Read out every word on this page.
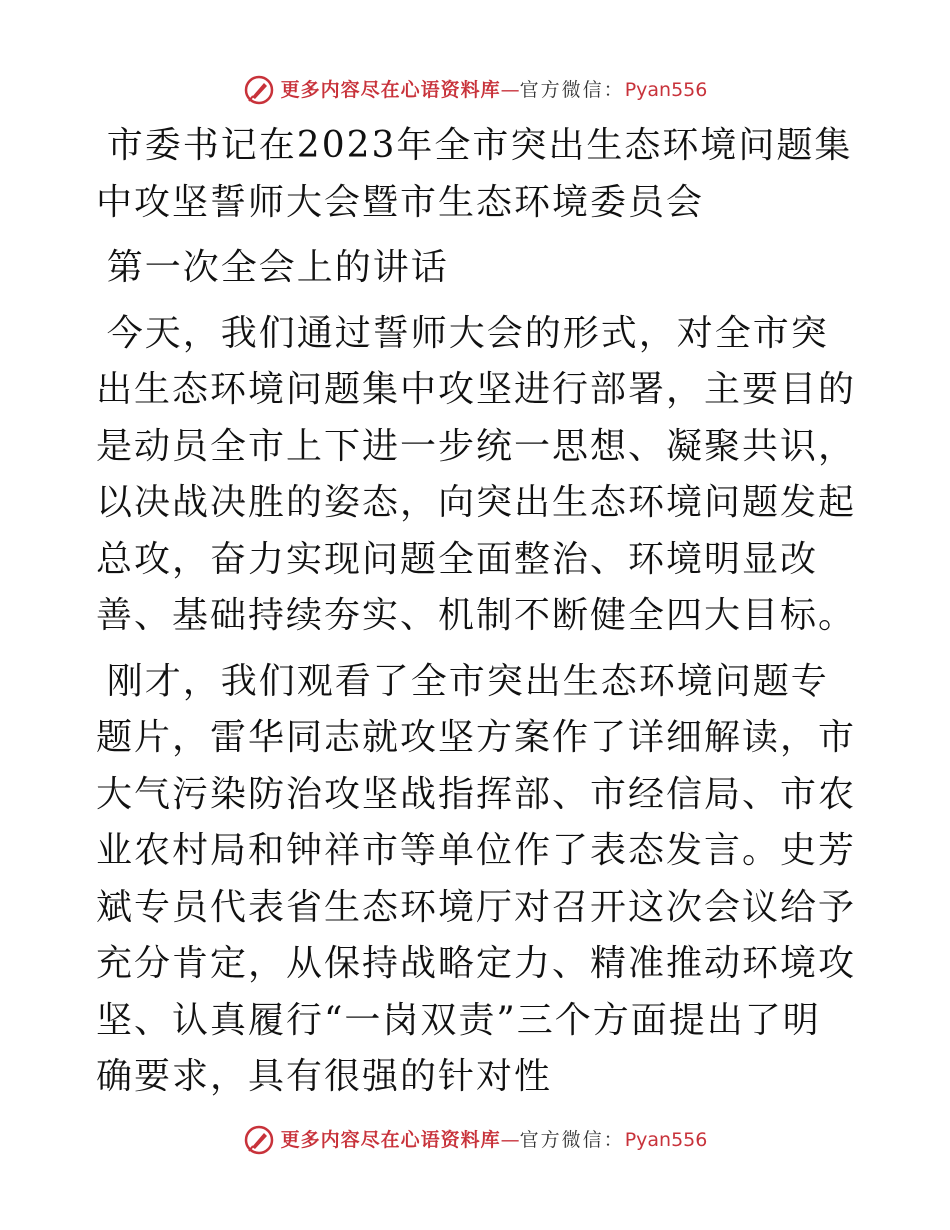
更多内容尽在心语资料库 — 官方微信： Pyan556

市委书记在2023年全市突出生态环境问题集中攻坚誓师大会暨市生态环境委员会

第一次全会上的讲话

今天，我们通过誓师大会的形式，对全市突出生态环境问题集中攻坚进行部署，主要目的是动员全市上下进一步统一思想、凝聚共识，以决战决胜的姿态，向突出生态环境问题发起总攻，奋力实现问题全面整治、环境明显改善、基础持续夯实、机制不断健全四大目标。

刚才，我们观看了全市突出生态环境问题专题片，雷华同志就攻坚方案作了详细解读，市大气污染防治攻坚战指挥部、市经信局、市农业农村局和钟祥市等单位作了表态发言。史芳斌专员代表省生态环境厅对召开这次会议给予充分肯定，从保持战略定力、精准推动环境攻坚、认真履行“一岗双责”三个方面提出了明确要求，具有很强的针对性

更多内容尽在心语资料库 — 官方微信： Pyan556
